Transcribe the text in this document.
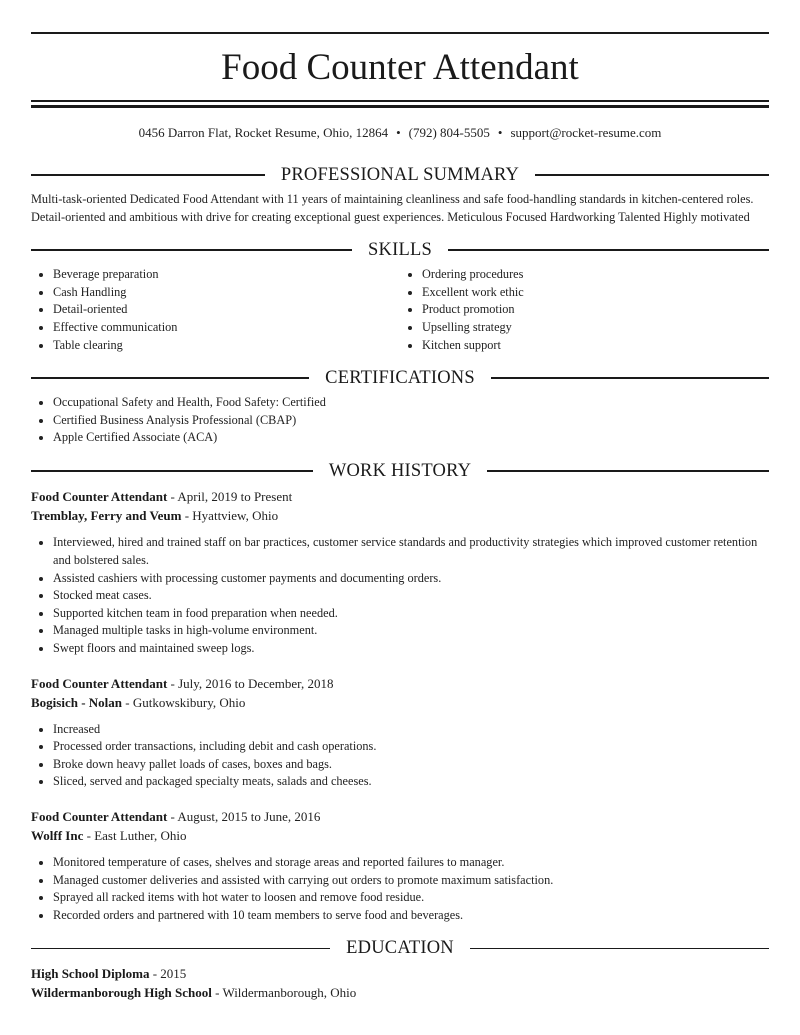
Food Counter Attendant
0456 Darron Flat, Rocket Resume, Ohio, 12864 • (792) 804-5505 • support@rocket-resume.com
PROFESSIONAL SUMMARY

Multi-task-oriented Dedicated Food Attendant with 11 years of maintaining cleanliness and safe food-handling standards in kitchen-centered roles. Detail-oriented and ambitious with drive for creating exceptional guest experiences. Meticulous Focused Hardworking Talented Highly motivated

SKILLS
• Beverage preparation
• Cash Handling
• Detail-oriented
• Effective communication
• Table clearing
• Ordering procedures
• Excellent work ethic
• Product promotion
• Upselling strategy
• Kitchen support
CERTIFICATIONS
• Occupational Safety and Health, Food Safety: Certified
• Certified Business Analysis Professional (CBAP)
• Apple Certified Associate (ACA)
WORK HISTORY
Food Counter Attendant - April, 2019 to Present
Tremblay, Ferry and Veum - Hyattview, Ohio
• Interviewed, hired and trained staff on bar practices, customer service standards and productivity strategies which improved customer retention and bolstered sales.
• Assisted cashiers with processing customer payments and documenting orders.
• Stocked meat cases.
• Supported kitchen team in food preparation when needed.
• Managed multiple tasks in high-volume environment.
• Swept floors and maintained sweep logs.
Food Counter Attendant - July, 2016 to December, 2018
Bogisich - Nolan - Gutkowskibury, Ohio
• Increased
• Processed order transactions, including debit and cash operations.
• Broke down heavy pallet loads of cases, boxes and bags.
• Sliced, served and packaged specialty meats, salads and cheeses.
Food Counter Attendant - August, 2015 to June, 2016
Wolff Inc - East Luther, Ohio
• Monitored temperature of cases, shelves and storage areas and reported failures to manager.
• Managed customer deliveries and assisted with carrying out orders to promote maximum satisfaction.
• Sprayed all racked items with hot water to loosen and remove food residue.
• Recorded orders and partnered with 10 team members to serve food and beverages.
EDUCATION
High School Diploma - 2015
Wildermanborough High School - Wildermanborough, Ohio
